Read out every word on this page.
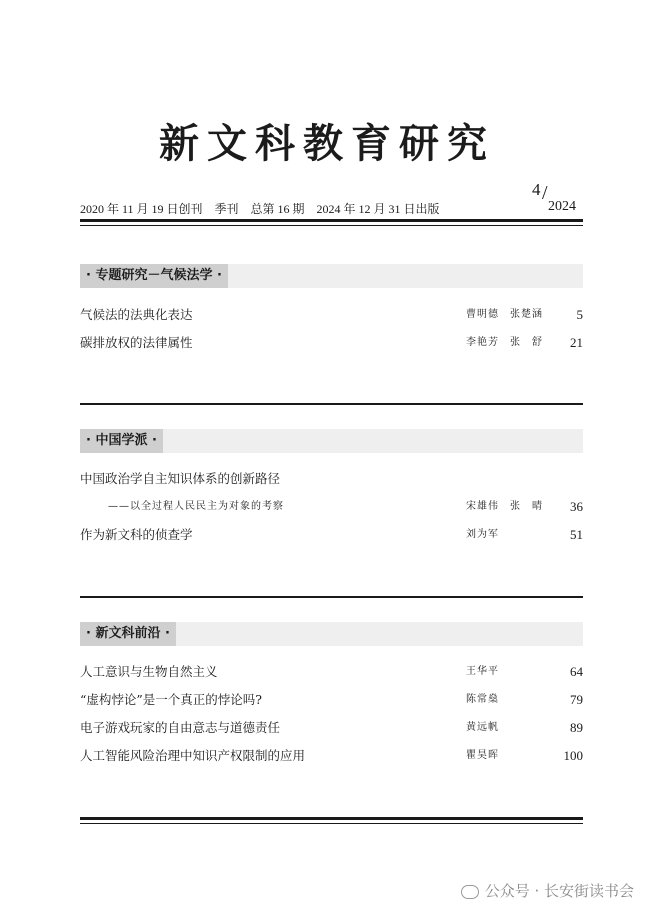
新文科教育研究
2020 年 11 月 19 日创刊　季刊　总第 16 期　2024 年 12 月 31 日出版
4 /
2024
· 专题研究－气候法学 ·
气候法的法典化表达	曹明德　张楚涵	5
碳排放权的法律属性	李艳芳　张　舒 21
· 中国学派 ·
中国政治学自主知识体系的创新路径
——以全过程人民民主为对象的考察	宋雄伟　张　晴 36
作为新文科的侦查学	刘为军	51
· 新文科前沿 ·
人工意识与生物自然主义	王华平	64
“虚构悖论”是一个真正的悖论吗?	陈常燊	79
电子游戏玩家的自由意志与道德责任	黄远帆	89
人工智能风险治理中知识产权限制的应用	瞿昊晖	100
公众号 · 长安街读书会
